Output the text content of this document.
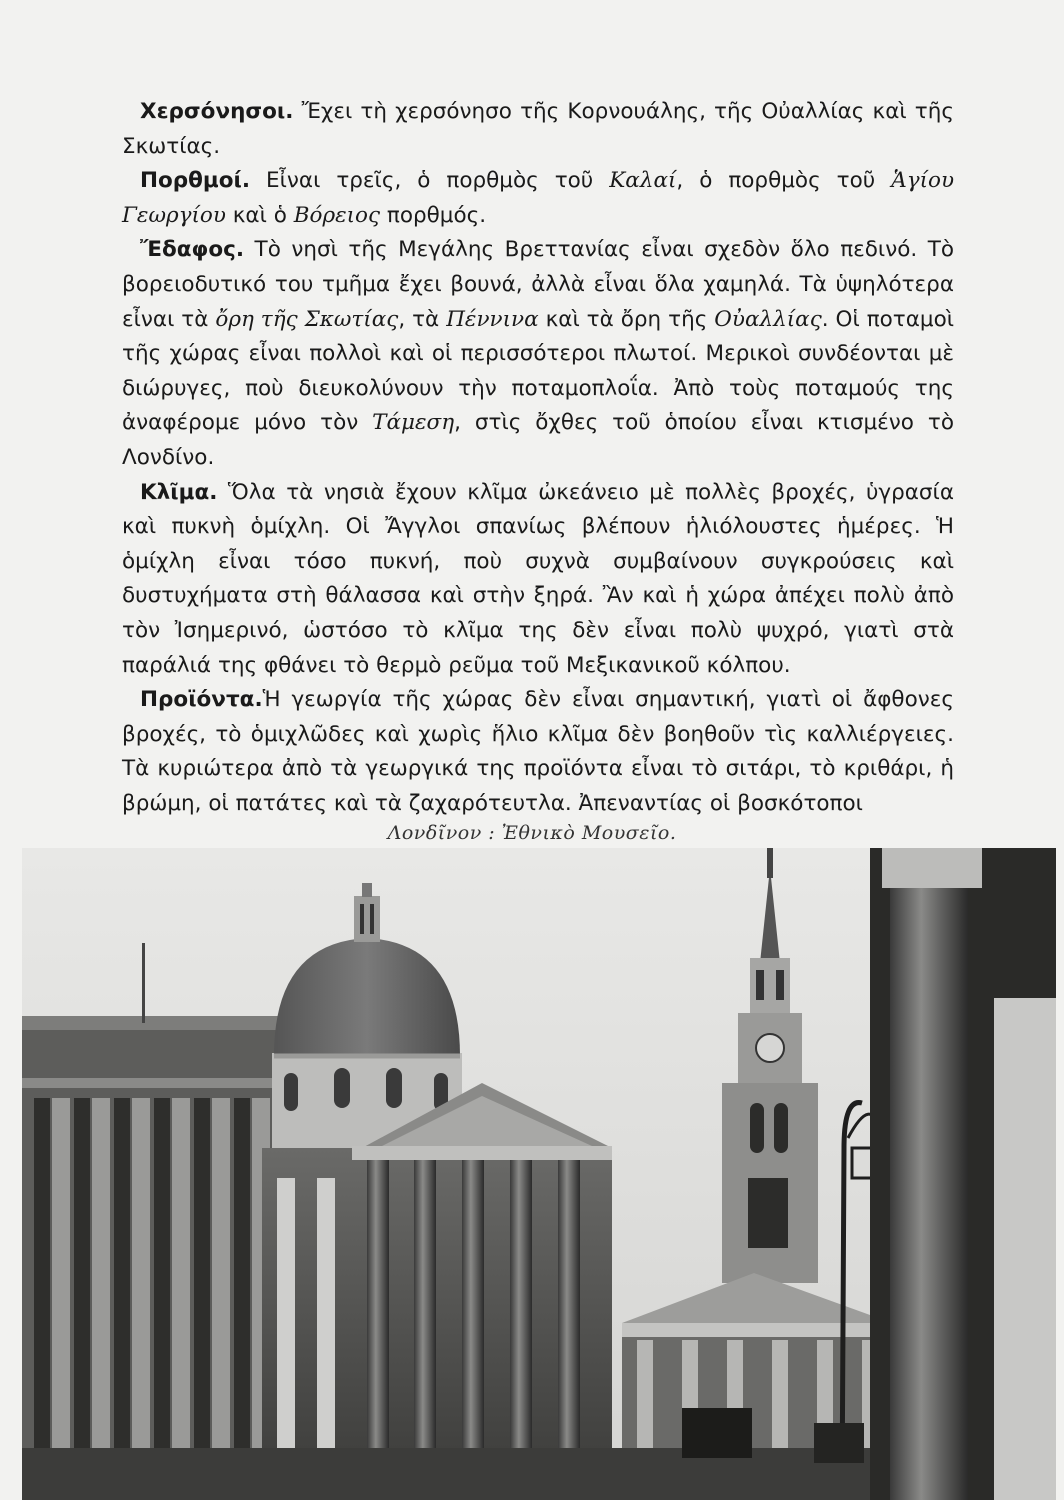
Χερσόνησοι. Ἔχει τὴ χερσόνησο τῆς Κορνουάλης, τῆς Οὐαλλίας καὶ τῆς Σκωτίας.

Πορθμοί. Εἶναι τρεῖς, ὁ πορθμὸς τοῦ Καλαί, ὁ πορθμὸς τοῦ Ἁγίου Γεωργίου καὶ ὁ Βόρειος πορθμός.

Ἔδαφος. Τὸ νησὶ τῆς Μεγάλης Βρεττανίας εἶναι σχεδὸν ὅλο πεδινό. Τὸ βορειοδυτικό του τμῆμα ἔχει βουνά, ἀλλὰ εἶναι ὅλα χαμηλά. Τὰ ὑψηλότερα εἶναι τὰ ὄρη τῆς Σκωτίας, τὰ Πέννινα καὶ τὰ ὄρη τῆς Οὐαλλίας. Οἱ ποταμοὶ τῆς χώρας εἶναι πολλοὶ καὶ οἱ περισσότεροι πλωτοί. Μερικοὶ συνδέονται μὲ διώρυγες, ποὺ διευκολύνουν τὴν ποταμοπλοΐα. Ἀπὸ τοὺς ποταμούς της ἀναφέρομε μόνο τὸν Τάμεση, στὶς ὄχθες τοῦ ὁποίου εἶναι κτισμένο τὸ Λονδίνο.

Κλῖμα. Ὅλα τὰ νησιὰ ἔχουν κλῖμα ὠκεάνειο μὲ πολλὲς βροχές, ὑγρασία καὶ πυκνὴ ὁμίχλη. Οἱ Ἄγγλοι σπανίως βλέπουν ἡλιόλουστες ἡμέρες. Ἡ ὁμίχλη εἶναι τόσο πυκνή, ποὺ συχνὰ συμβαίνουν συγκρούσεις καὶ δυστυχήματα στὴ θάλασσα καὶ στὴν ξηρά. Ἂν καὶ ἡ χώρα ἀπέχει πολὺ ἀπὸ τὸν Ἰσημερινό, ὡστόσο τὸ κλῖμα της δὲν εἶναι πολὺ ψυχρό, γιατὶ στὰ παράλιά της φθάνει τὸ θερμὸ ρεῦμα τοῦ Μεξικανικοῦ κόλπου.

Προϊόντα.Ἡ γεωργία τῆς χώρας δὲν εἶναι σημαντική, γιατὶ οἱ ἄφθονες βροχές, τὸ ὁμιχλῶδες καὶ χωρὶς ἥλιο κλῖμα δὲν βοηθοῦν τὶς καλλιέργειες. Τὰ κυριώτερα ἀπὸ τὰ γεωργικά της προϊόντα εἶναι τὸ σιτάρι, τὸ κριθάρι, ἡ βρώμη, οἱ πατάτες καὶ τὰ ζαχαρότευτλα. Ἀπεναντίας οἱ βοσκότοποι

Λονδῖνον : Ἐθνικὸ Μουσεῖο.
